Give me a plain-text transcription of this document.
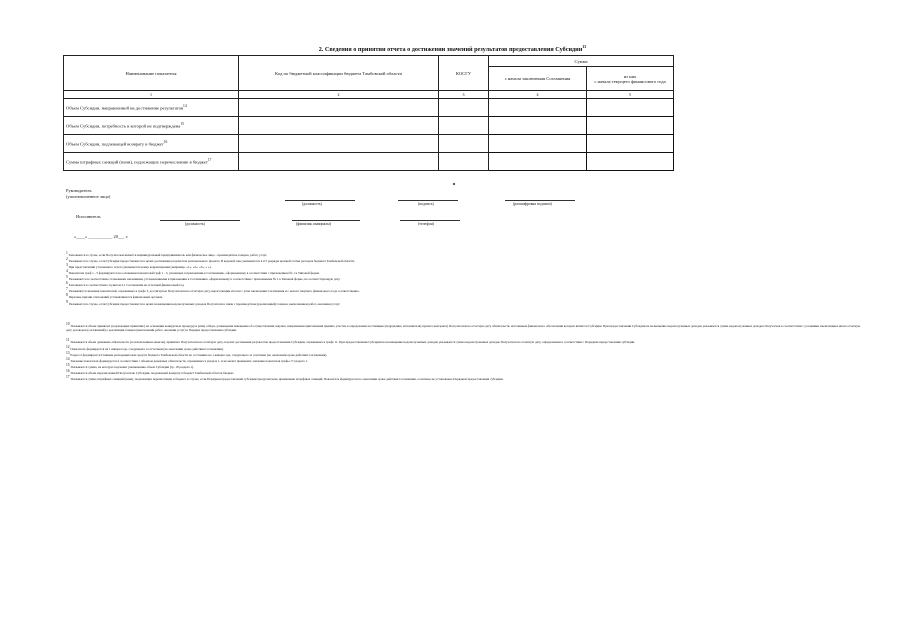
2. Сведения о принятии отчета о достижении значений результатов предоставления Субсидии$^{13}$
Наименование показателя	Код по бюджетной классификации бюджета Тамбовской области	КОСГУ	Сумма	
			с начала заключения Соглашения	из них
с начала текущего финансового года

1	2	3	4	5
Объем Субсидии, направленной на достижение результатов$^{14}$				
Объем Субсидии, потребность в которой не подтверждена$^{15}$				
Объем Субсидии, подлежащей возврату в бюджет$^{16}$				
Сумма штрафных санкций (пени), подлежащих перечислению в бюджет$^{17}$				
Руководитель
(уполномоченное лицо)
(должность)	(подпись)	(расшифровка подписи)
Исполнитель
(должность)	(фамилия, инициалы)	(телефон)
«____» ___________ 20___ г.
$^1$ Заполняется в случае, если Получателем является индивидуальный предприниматель или физическое лицо - производитель товаров, работ, услуг.
$^2$ Указывается в случае, если Субсидия предоставляется в целях достижения результатов регионального проекта. В кодовой зоне указываются 4 и 5 разряды целевой статьи расходов бюджета Тамбовской области.
$^3$ При представлении уточненного отчета указывается номер корректировки (например, «1», «2», «3», « »).
$^4$ Показатели граф 1 - 5 формируются на основании показателей граф 1 - 5, указанных в приложении к Соглашению, оформленному в соответствии с приложением № 1 к Типовой форме.
$^5$ Указываются в соответствии с плановыми значениями, установленными в приложении к Соглашению, оформленному в соответствии с приложением № 1 к Типовой форме, на соответствующую дату.
$^6$ Заполняется в соответствии с пунктом 2.1 Соглашения на отчетный финансовый год.
$^7$ Указываются значения показателей, отраженных в графе 3, достигнутые Получателем на отчетную дату, нарастающим итогом с даты заключения Соглашения и с начала текущего финансового года соответственно.
$^8$ Перечень причин отклонений устанавливается финансовым органом.
$^9$ Указывается в случае, если Субсидия предоставляется в целях возмещения недополученных доходов Получателя в связи с производством (реализацией) товаров, выполнением работ, оказанием услуг.
$^{10}$ Указывается объем принятых (подлежащих принятию) на основании конкурсных процедур и (или) отбора, размещения извещения об осуществлении закупок, направления приглашения принять участие в определении поставщика (подрядчика, исполнителя) проекта контракта) Получателем на отчетную дату обязательств, источником финансового обеспечения которых является Субсидия. При предоставлении Субсидии на возмещение недополученных доходов указывается сумма недополученных доходов Получателя в соответствии с условиями заключенных им на отчетную дату договоров (соглашений) о реализации товаров (выполнении работ, оказании услуг) в Порядке предоставления субсидии.
$^{11}$ Указывается объем денежных обязательств (за исключением авансов), принятых Получателем на отчетную дату, в целях достижения результатов предоставления Субсидии, отраженных в графе 11. При предоставлении Субсидии на возмещение недополученных доходов указывается сумма недополученных доходов Получателя на отчетную дату, определенная в соответствии с Порядком предоставления субсидии.
$^{12}$ Показатель формируется на 1 января года, следующего за отчетным (по окончании срока действия Соглашения).
$^{13}$ Раздел 2 формируется Главным распорядителем средств бюджета Тамбовской области по состоянию на 1 января года, следующего за отчетным (по окончании срока действия Соглашения).
$^{14}$ Значение показателя формируется в соответствии с объемом денежных обязательств, отраженных в разделе 1, и не может превышать значение показателя графы 17 раздела 1.
$^{15}$ Указывается сумма, на которую подлежит уменьшению объем Субсидии (гр. 18 раздела 1).
$^{16}$ Указывается объем перечисленной Получателю Субсидии, подлежащей возврату в бюджет Тамбовской области бюджет.
$^{17}$ Указывается сумма штрафных санкций (пени), подлежащих перечислению в бюджет, в случае, если Порядком предоставления субсидии предусмотрено применение штрафных санкций. Показатель формируется по окончании срока действия Соглашения, если иное не установлено Порядком предоставления субсидии.
